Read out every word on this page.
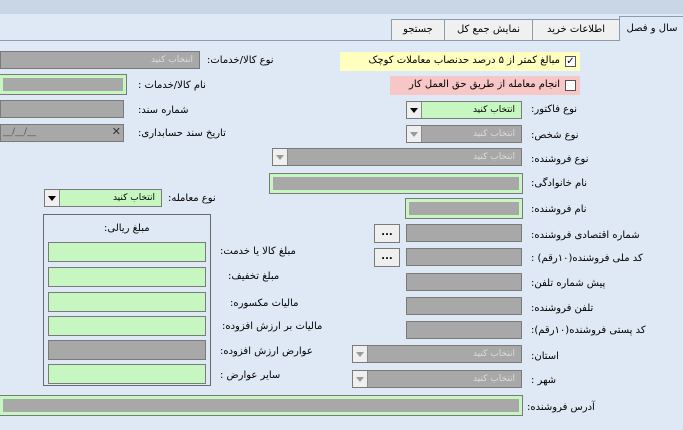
سال و فصل
اطلاعات خرید
نمایش جمع کل
جستجو
✓
مبالغ کمتر از ۵ درصد حدنصاب معاملات کوچک
انجام معامله از طریق حق العمل کار
نوع فاکتور:
انتخاب کنید
نوع شخص:
انتخاب کنید
نوع فروشنده:
انتخاب کنید
نام خانوادگی:
نام فروشنده:
شماره اقتصادی فروشنده:
...
کد ملی فروشنده(۱۰رقم) :
...
پیش شماره تلفن:
تلفن فروشنده:
کد پستی فروشنده(۱۰رقم):
استان:
انتخاب کنید
شهر :
انتخاب کنید
آدرس فروشنده:
نوع کالا/خدمات:
انتخاب کنید
نام کالا/خدمات :
شماره سند:
تاریخ سند حسابداری:
__/__/__	✕
نوع معامله:
انتخاب کنید
مبلغ ریالی:
مبلغ کالا یا خدمت:
مبلغ تخفیف:
مالیات مکسوره:
مالیات بر ارزش افزوده:
عوارض ارزش افزوده:
سایر عوارض :
